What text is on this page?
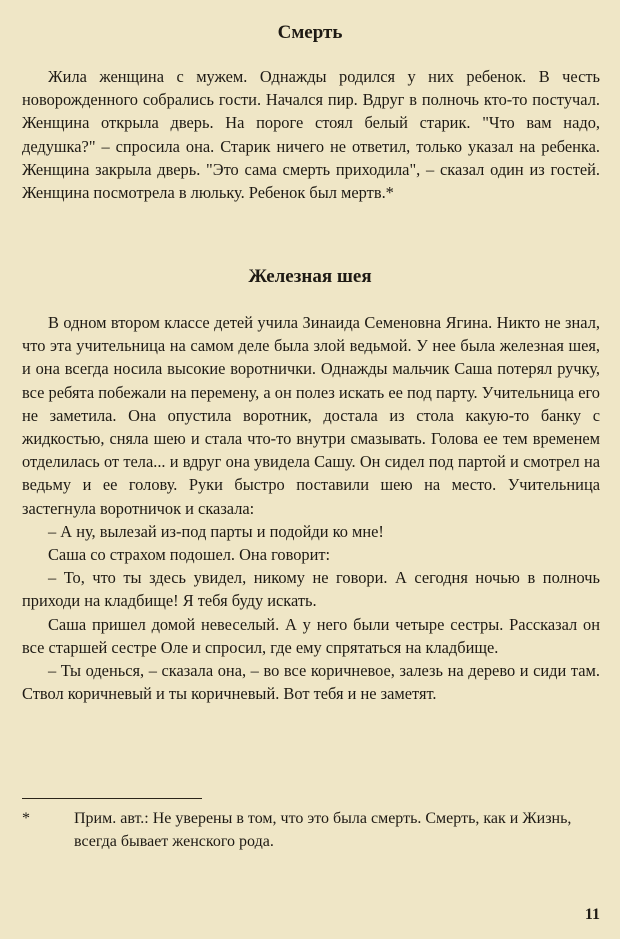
Смерть

Жила женщина с мужем. Однажды родился у них ребенок. В честь новорожденного собрались гости. Начался пир. Вдруг в полночь кто-то постучал. Женщина открыла дверь. На пороге стоял белый старик. "Что вам надо, дедушка?" – спросила она. Старик ничего не ответил, только указал на ребенка. Женщина закрыла дверь. "Это сама смерть приходила", – сказал один из гостей. Женщина посмотрела в люльку. Ребенок был мертв.*

Железная шея

В одном втором классе детей учила Зинаида Семеновна Ягина. Никто не знал, что эта учительница на самом деле была злой ведьмой. У нее была железная шея, и она всегда носила высокие воротнички. Однажды мальчик Саша потерял ручку, все ребята побежали на перемену, а он полез искать ее под парту. Учительница его не заметила. Она опустила воротник, достала из стола какую-то банку с жидкостью, сняла шею и стала что-то внутри смазывать. Голова ее тем временем отделилась от тела... и вдруг она увидела Сашу. Он сидел под партой и смотрел на ведьму и ее голову. Руки быстро поставили шею на место. Учительница застегнула воротничок и сказала:

– А ну, вылезай из-под парты и подойди ко мне!

Саша со страхом подошел. Она говорит:

– То, что ты здесь увидел, никому не говори. А сегодня ночью в полночь приходи на кладбище! Я тебя буду искать.

Саша пришел домой невеселый. А у него были четыре сестры. Рассказал он все старшей сестре Оле и спросил, где ему спрятаться на кладбище.

– Ты оденься, – сказала она, – во все коричневое, залезь на дерево и сиди там. Ствол коричневый и ты коричневый. Вот тебя и не заметят.

*	Прим. авт.: Не уверены в том, что это была смерть. Смерть, как и Жизнь, всегда бывает женского рода.

11
